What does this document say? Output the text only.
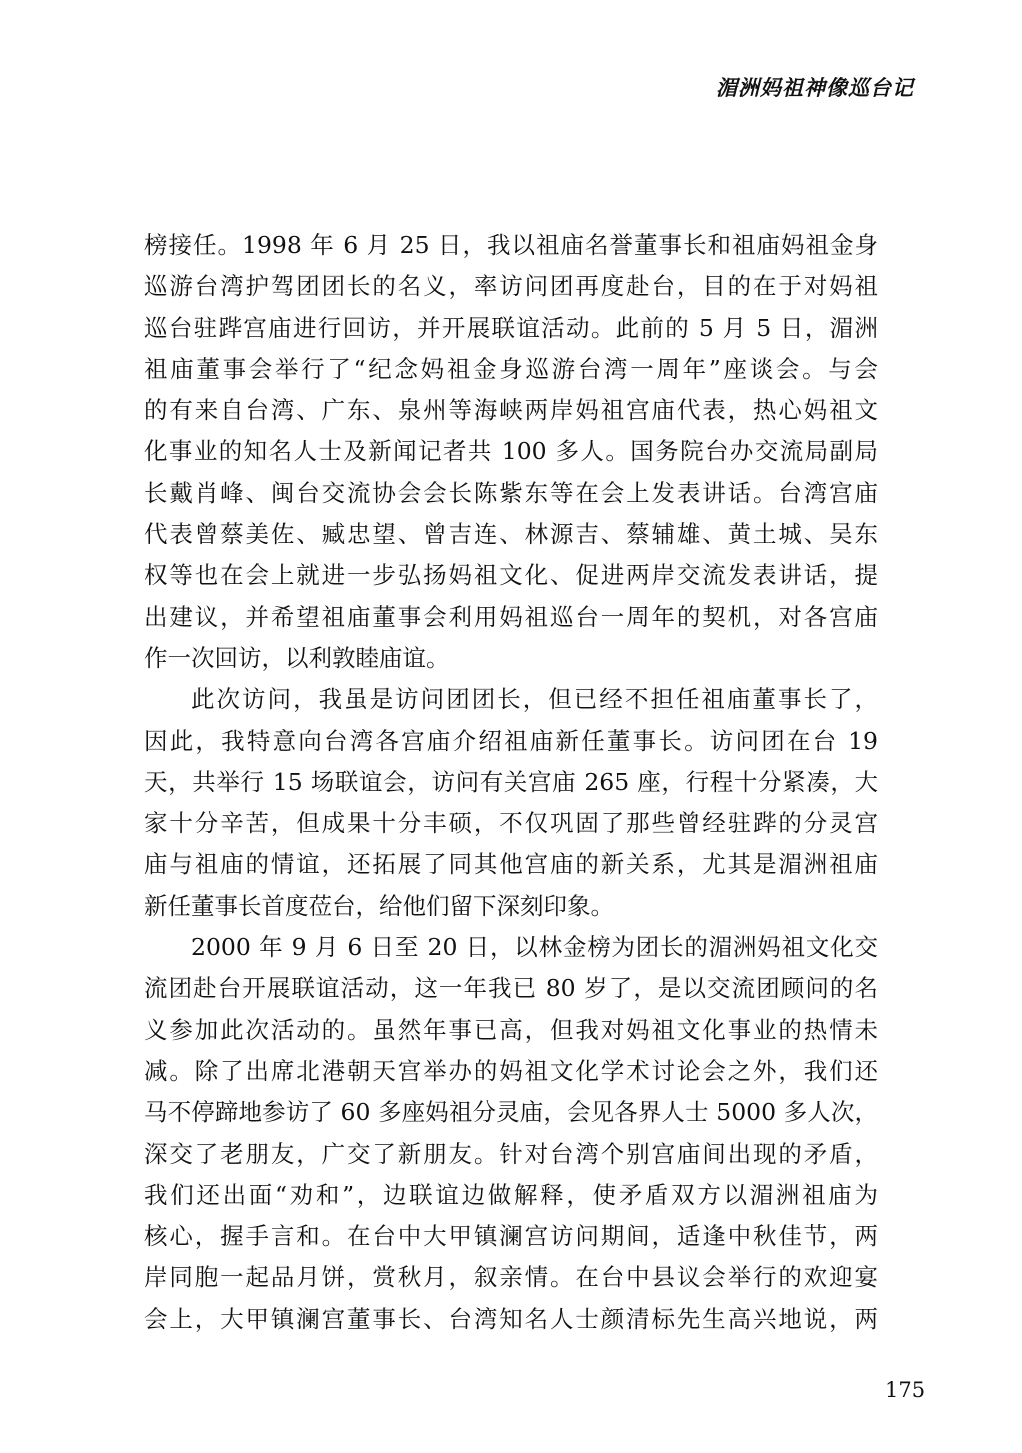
湄洲妈祖神像巡台记
榜接任。1998 年 6 月 25 日，我以祖庙名誉董事长和祖庙妈祖金身
巡游台湾护驾团团长的名义，率访问团再度赴台，目的在于对妈祖
巡台驻跸宫庙进行回访，并开展联谊活动。此前的 5 月 5 日，湄洲
祖庙董事会举行了“纪念妈祖金身巡游台湾一周年”座谈会。与会
的有来自台湾、广东、泉州等海峡两岸妈祖宫庙代表，热心妈祖文
化事业的知名人士及新闻记者共 100 多人。国务院台办交流局副局
长戴肖峰、闽台交流协会会长陈紫东等在会上发表讲话。台湾宫庙
代表曾蔡美佐、臧忠望、曾吉连、林源吉、蔡辅雄、黄土城、吴东
权等也在会上就进一步弘扬妈祖文化、促进两岸交流发表讲话，提
出建议，并希望祖庙董事会利用妈祖巡台一周年的契机，对各宫庙
作一次回访，以利敦睦庙谊。
此次访问，我虽是访问团团长，但已经不担任祖庙董事长了，
因此，我特意向台湾各宫庙介绍祖庙新任董事长。访问团在台 19
天，共举行 15 场联谊会，访问有关宫庙 265 座，行程十分紧凑，大
家十分辛苦，但成果十分丰硕，不仅巩固了那些曾经驻跸的分灵宫
庙与祖庙的情谊，还拓展了同其他宫庙的新关系，尤其是湄洲祖庙
新任董事长首度莅台，给他们留下深刻印象。
2000 年 9 月 6 日至 20 日，以林金榜为团长的湄洲妈祖文化交
流团赴台开展联谊活动，这一年我已 80 岁了，是以交流团顾问的名
义参加此次活动的。虽然年事已高，但我对妈祖文化事业的热情未
减。除了出席北港朝天宫举办的妈祖文化学术讨论会之外，我们还
马不停蹄地参访了 60 多座妈祖分灵庙，会见各界人士 5000 多人次，
深交了老朋友，广交了新朋友。针对台湾个别宫庙间出现的矛盾，
我们还出面“劝和”，边联谊边做解释，使矛盾双方以湄洲祖庙为
核心，握手言和。在台中大甲镇澜宫访问期间，适逢中秋佳节，两
岸同胞一起品月饼，赏秋月，叙亲情。在台中县议会举行的欢迎宴
会上，大甲镇澜宫董事长、台湾知名人士颜清标先生高兴地说，两
175
